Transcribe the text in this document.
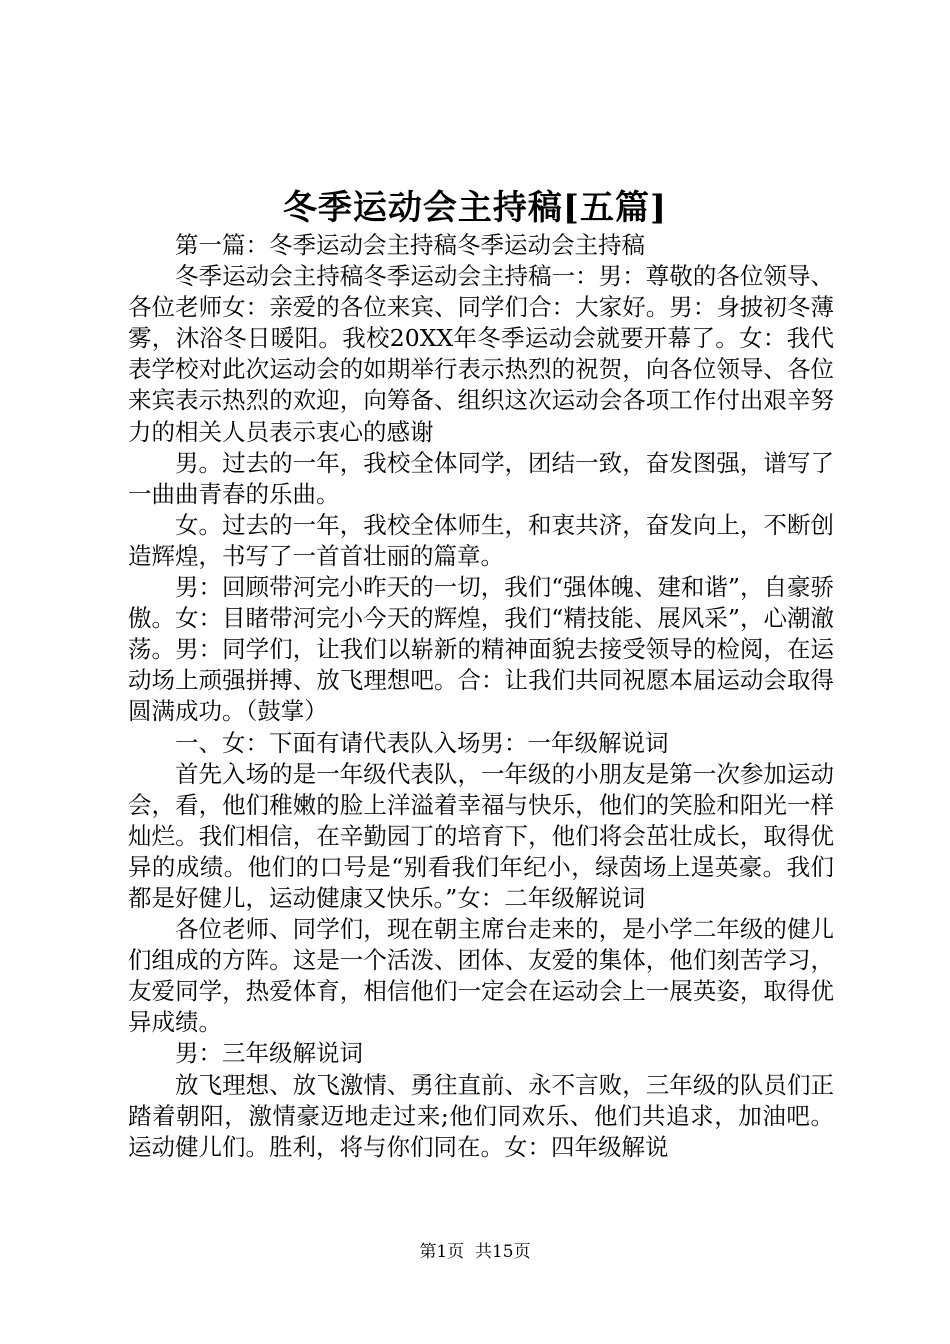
冬季运动会主持稿[五篇]

第一篇：冬季运动会主持稿冬季运动会主持稿

冬季运动会主持稿冬季运动会主持稿一：男：尊敬的各位领导、各位老师女：亲爱的各位来宾、同学们合：大家好。男：身披初冬薄雾，沐浴冬日暖阳。我校20XX年冬季运动会就要开幕了。女：我代表学校对此次运动会的如期举行表示热烈的祝贺，向各位领导、各位来宾表示热烈的欢迎，向筹备、组织这次运动会各项工作付出艰辛努力的相关人员表示衷心的感谢

男。过去的一年，我校全体同学，团结一致，奋发图强，谱写了一曲曲青春的乐曲。

女。过去的一年，我校全体师生，和衷共济，奋发向上，不断创造辉煌，书写了一首首壮丽的篇章。

男：回顾带河完小昨天的一切，我们“强体魄、建和谐”，自豪骄傲。女：目睹带河完小今天的辉煌，我们“精技能、展风采”，心潮澈荡。男：同学们，让我们以崭新的精神面貌去接受领导的检阅，在运动场上顽强拼搏、放飞理想吧。合：让我们共同祝愿本届运动会取得圆满成功。（鼓掌）

一、女：下面有请代表队入场男：一年级解说词

首先入场的是一年级代表队，一年级的小朋友是第一次参加运动会，看，他们稚嫩的脸上洋溢着幸福与快乐，他们的笑脸和阳光一样灿烂。我们相信，在辛勤园丁的培育下，他们将会茁壮成长，取得优异的成绩。他们的口号是“别看我们年纪小，绿茵场上逞英豪。我们都是好健儿，运动健康又快乐。”女：二年级解说词

各位老师、同学们，现在朝主席台走来的，是小学二年级的健儿们组成的方阵。这是一个活泼、团体、友爱的集体，他们刻苦学习，友爱同学，热爱体育，相信他们一定会在运动会上一展英姿，取得优异成绩。

男：三年级解说词

放飞理想、放飞激情、勇往直前、永不言败，三年级的队员们正踏着朝阳，激情豪迈地走过来;他们同欢乐、他们共追求，加油吧。运动健儿们。胜利，将与你们同在。女：四年级解说

第1页  共15页
